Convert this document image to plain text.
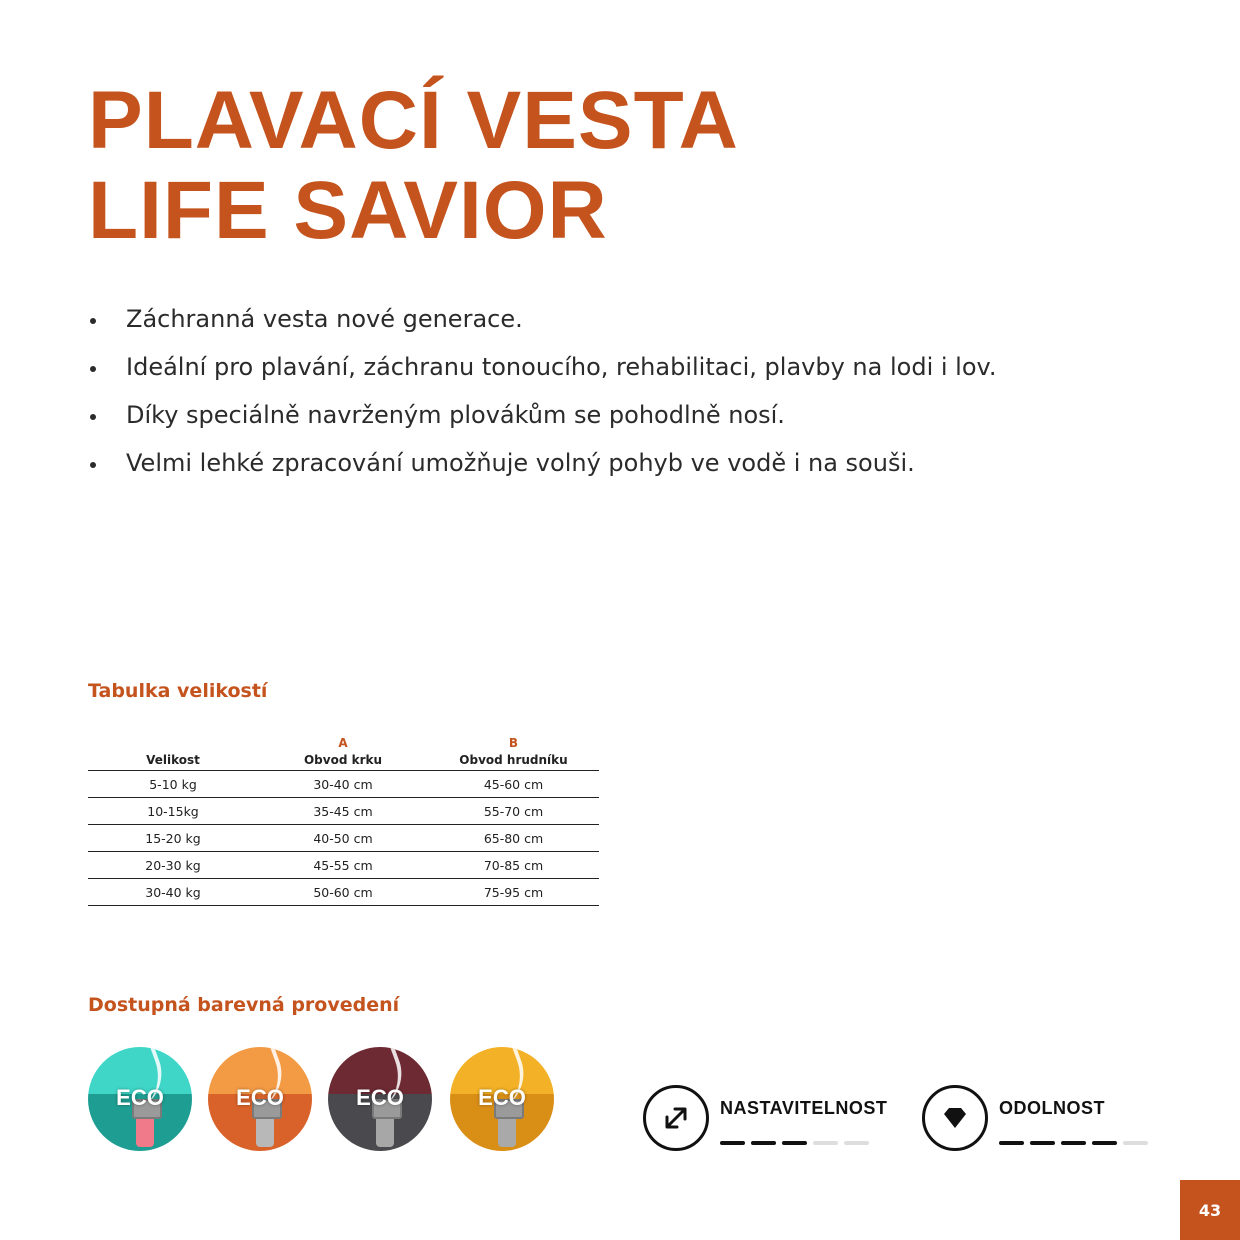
PLAVACÍ VESTA
LIFE SAVIOR
Záchranná vesta nové generace.
Ideální pro plavání, záchranu tonoucího, rehabilitaci, plavby na lodi i lov.
Díky speciálně navrženým plovákům se pohodlně nosí.
Velmi lehké zpracování umožňuje volný pohyb ve vodě i na souši.
Tabulka velikostí
	A	B
Velikost	Obvod krku	Obvod hrudníku
5-10 kg	30-40 cm	45-60 cm
10-15kg	35-45 cm	55-70 cm
15-20 kg	40-50 cm	65-80 cm
20-30 kg	45-55 cm	70-85 cm
30-40 kg	50-60 cm	75-95 cm
Dostupná barevná provedení
ECO	ECO	ECO	ECO	NASTAVITELNOST	ODOLNOST
43
